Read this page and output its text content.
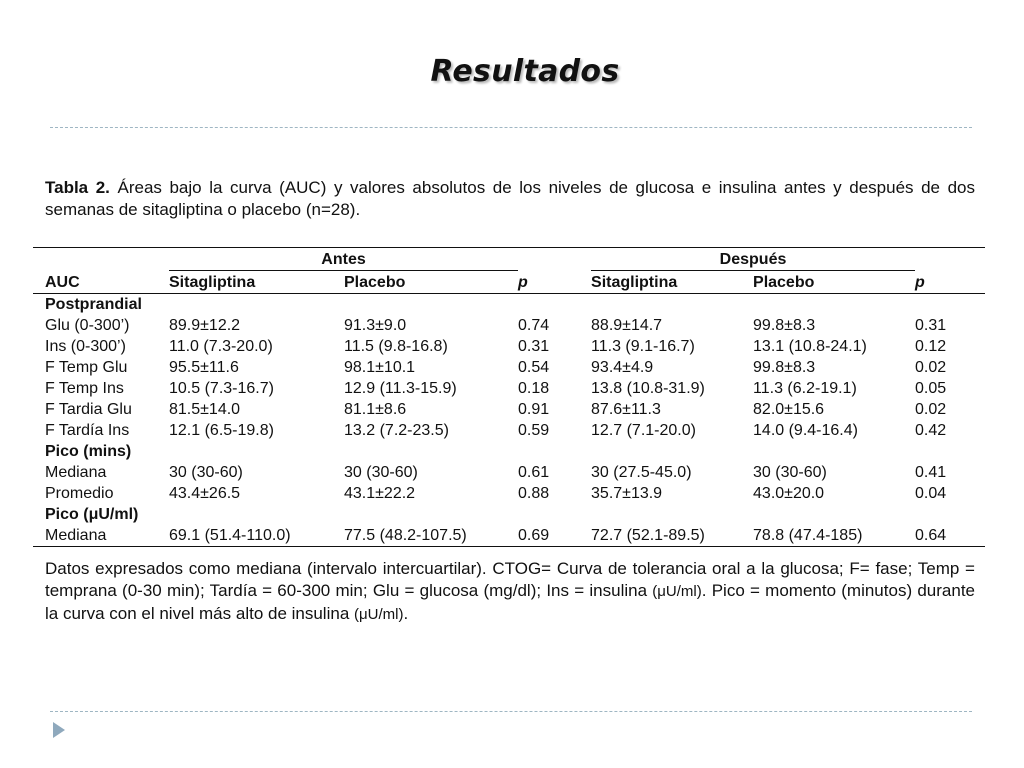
Resultados
Tabla 2. Áreas bajo la curva (AUC) y valores absolutos de los niveles de glucosa e insulina antes y después de dos semanas de sitagliptina o placebo (n=28).
	Antes			Después		
AUC	Sitagliptina	Placebo	p	Sitagliptina	Placebo	p
Postprandial						
Glu (0-300’)	89.9±12.2	91.3±9.0	0.74	88.9±14.7	99.8±8.3	0.31
Ins (0-300’)	11.0 (7.3-20.0)	11.5 (9.8-16.8)	0.31	11.3 (9.1-16.7)	13.1 (10.8-24.1)	0.12
F Temp Glu	95.5±11.6	98.1±10.1	0.54	93.4±4.9	99.8±8.3	0.02
F Temp Ins	10.5 (7.3-16.7)	12.9 (11.3-15.9)	0.18	13.8 (10.8-31.9)	11.3 (6.2-19.1)	0.05
F Tardia Glu	81.5±14.0	81.1±8.6	0.91	87.6±11.3	82.0±15.6	0.02
F Tardía Ins	12.1 (6.5-19.8)	13.2 (7.2-23.5)	0.59	12.7 (7.1-20.0)	14.0 (9.4-16.4)	0.42
Pico (mins)						
Mediana	30 (30-60)	30 (30-60)	0.61	30 (27.5-45.0)	30 (30-60)	0.41
Promedio	43.4±26.5	43.1±22.2	0.88	35.7±13.9	43.0±20.0	0.04
Pico (μU/ml)						
Mediana	69.1 (51.4-110.0)	77.5 (48.2-107.5)	0.69	72.7 (52.1-89.5)	78.8 (47.4-185)	0.64
Datos expresados como mediana (intervalo intercuartilar). CTOG= Curva de tolerancia oral a la glucosa; F= fase; Temp = temprana (0-30 min); Tardía = 60-300 min; Glu = glucosa (mg/dl); Ins = insulina (μU/ml). Pico = momento (minutos) durante la curva con el nivel más alto de insulina (μU/ml).
